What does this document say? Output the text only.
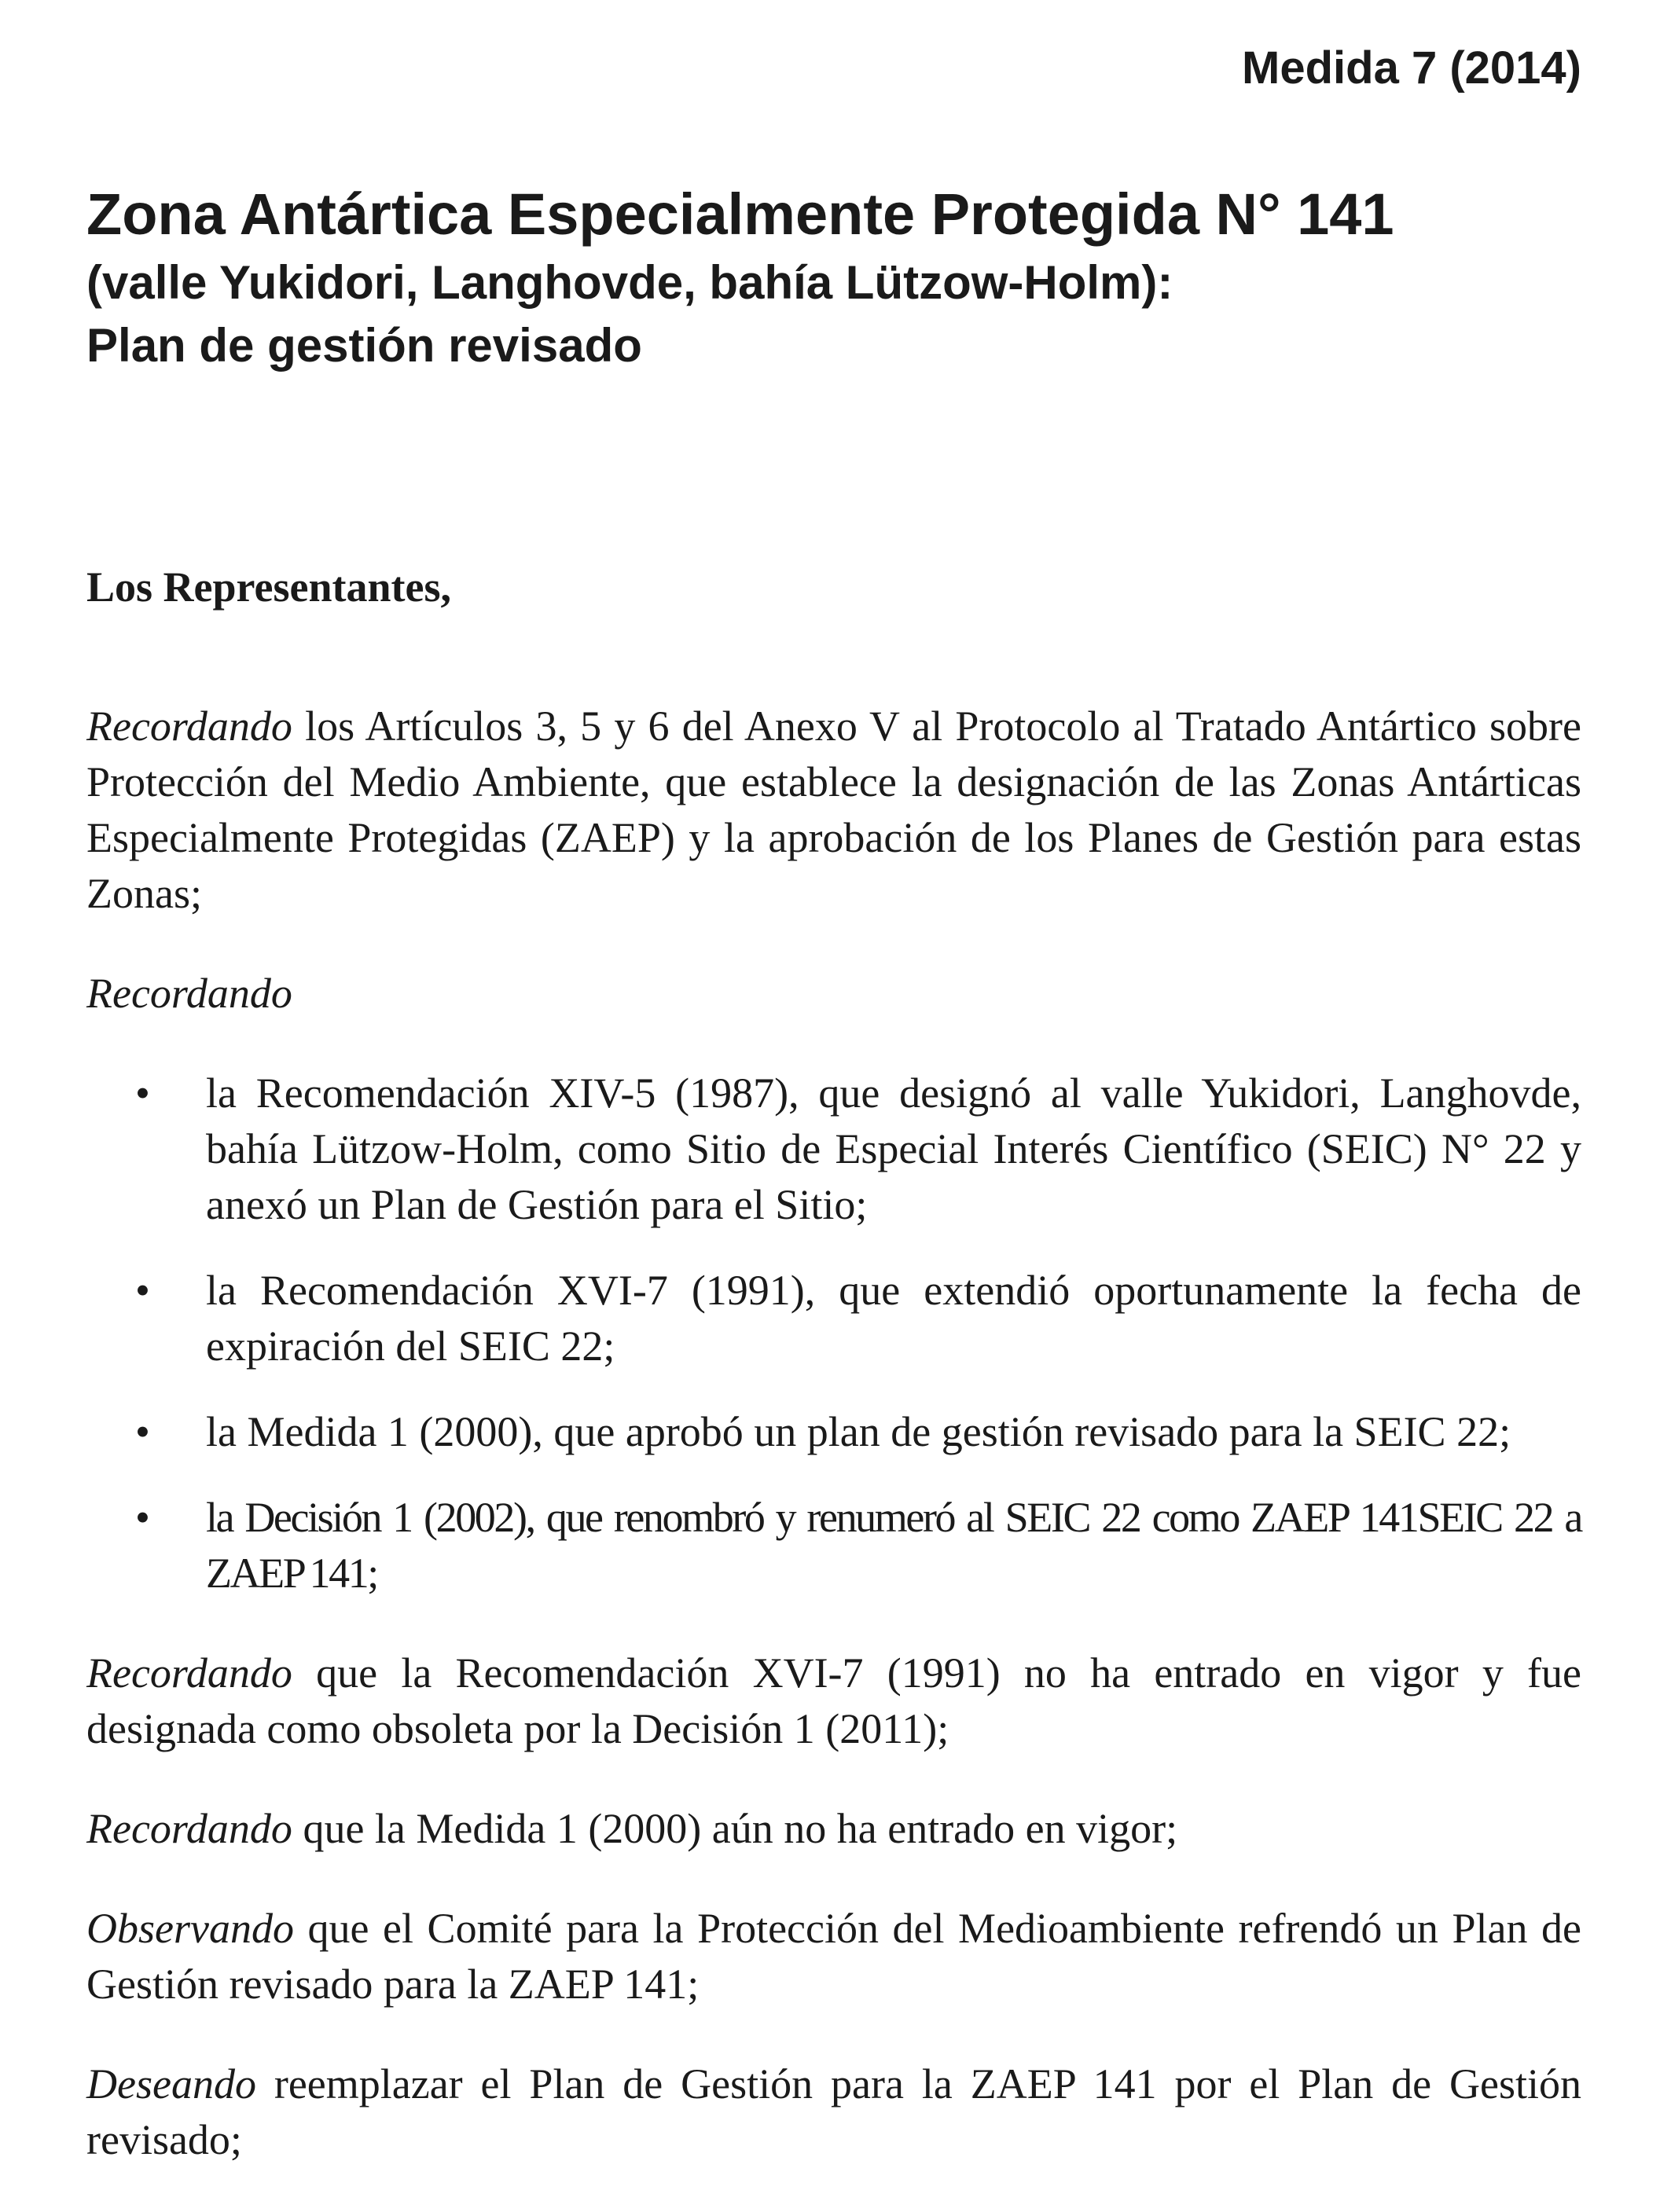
Medida 7 (2014)
Zona Antártica Especialmente Protegida N° 141
(valle Yukidori, Langhovde, bahía Lützow-Holm):
Plan de gestión revisado

Los Representantes,

Recordando los Artículos 3, 5 y 6 del Anexo V al Protocolo al Tratado Antártico sobre Protección del Medio Ambiente, que establece la designación de las Zonas Antárticas Especialmente Protegidas (ZAEP) y la aprobación de los Planes de Gestión para estas Zonas;

Recordando

• la Recomendación XIV-5 (1987), que designó al valle Yukidori, Langhovde, bahía Lützow-Holm, como Sitio de Especial Interés Científico (SEIC) N° 22 y anexó un Plan de Gestión para el Sitio;
• la Recomendación XVI-7 (1991), que extendió oportunamente la fecha de expiración del SEIC 22;
• la Medida 1 (2000), que aprobó un plan de gestión revisado para la SEIC 22;
• la Decisión 1 (2002), que renombró y renumeró al SEIC 22 como ZAEP 141SEIC 22 a ZAEP 141;

Recordando que la Recomendación XVI-7 (1991) no ha entrado en vigor y fue designada como obsoleta por la Decisión 1 (2011);

Recordando que la Medida 1 (2000) aún no ha entrado en vigor;

Observando que el Comité para la Protección del Medioambiente refrendó un Plan de Gestión revisado para la ZAEP 141;

Deseando reemplazar el Plan de Gestión para la ZAEP 141 por el Plan de Gestión revisado;
